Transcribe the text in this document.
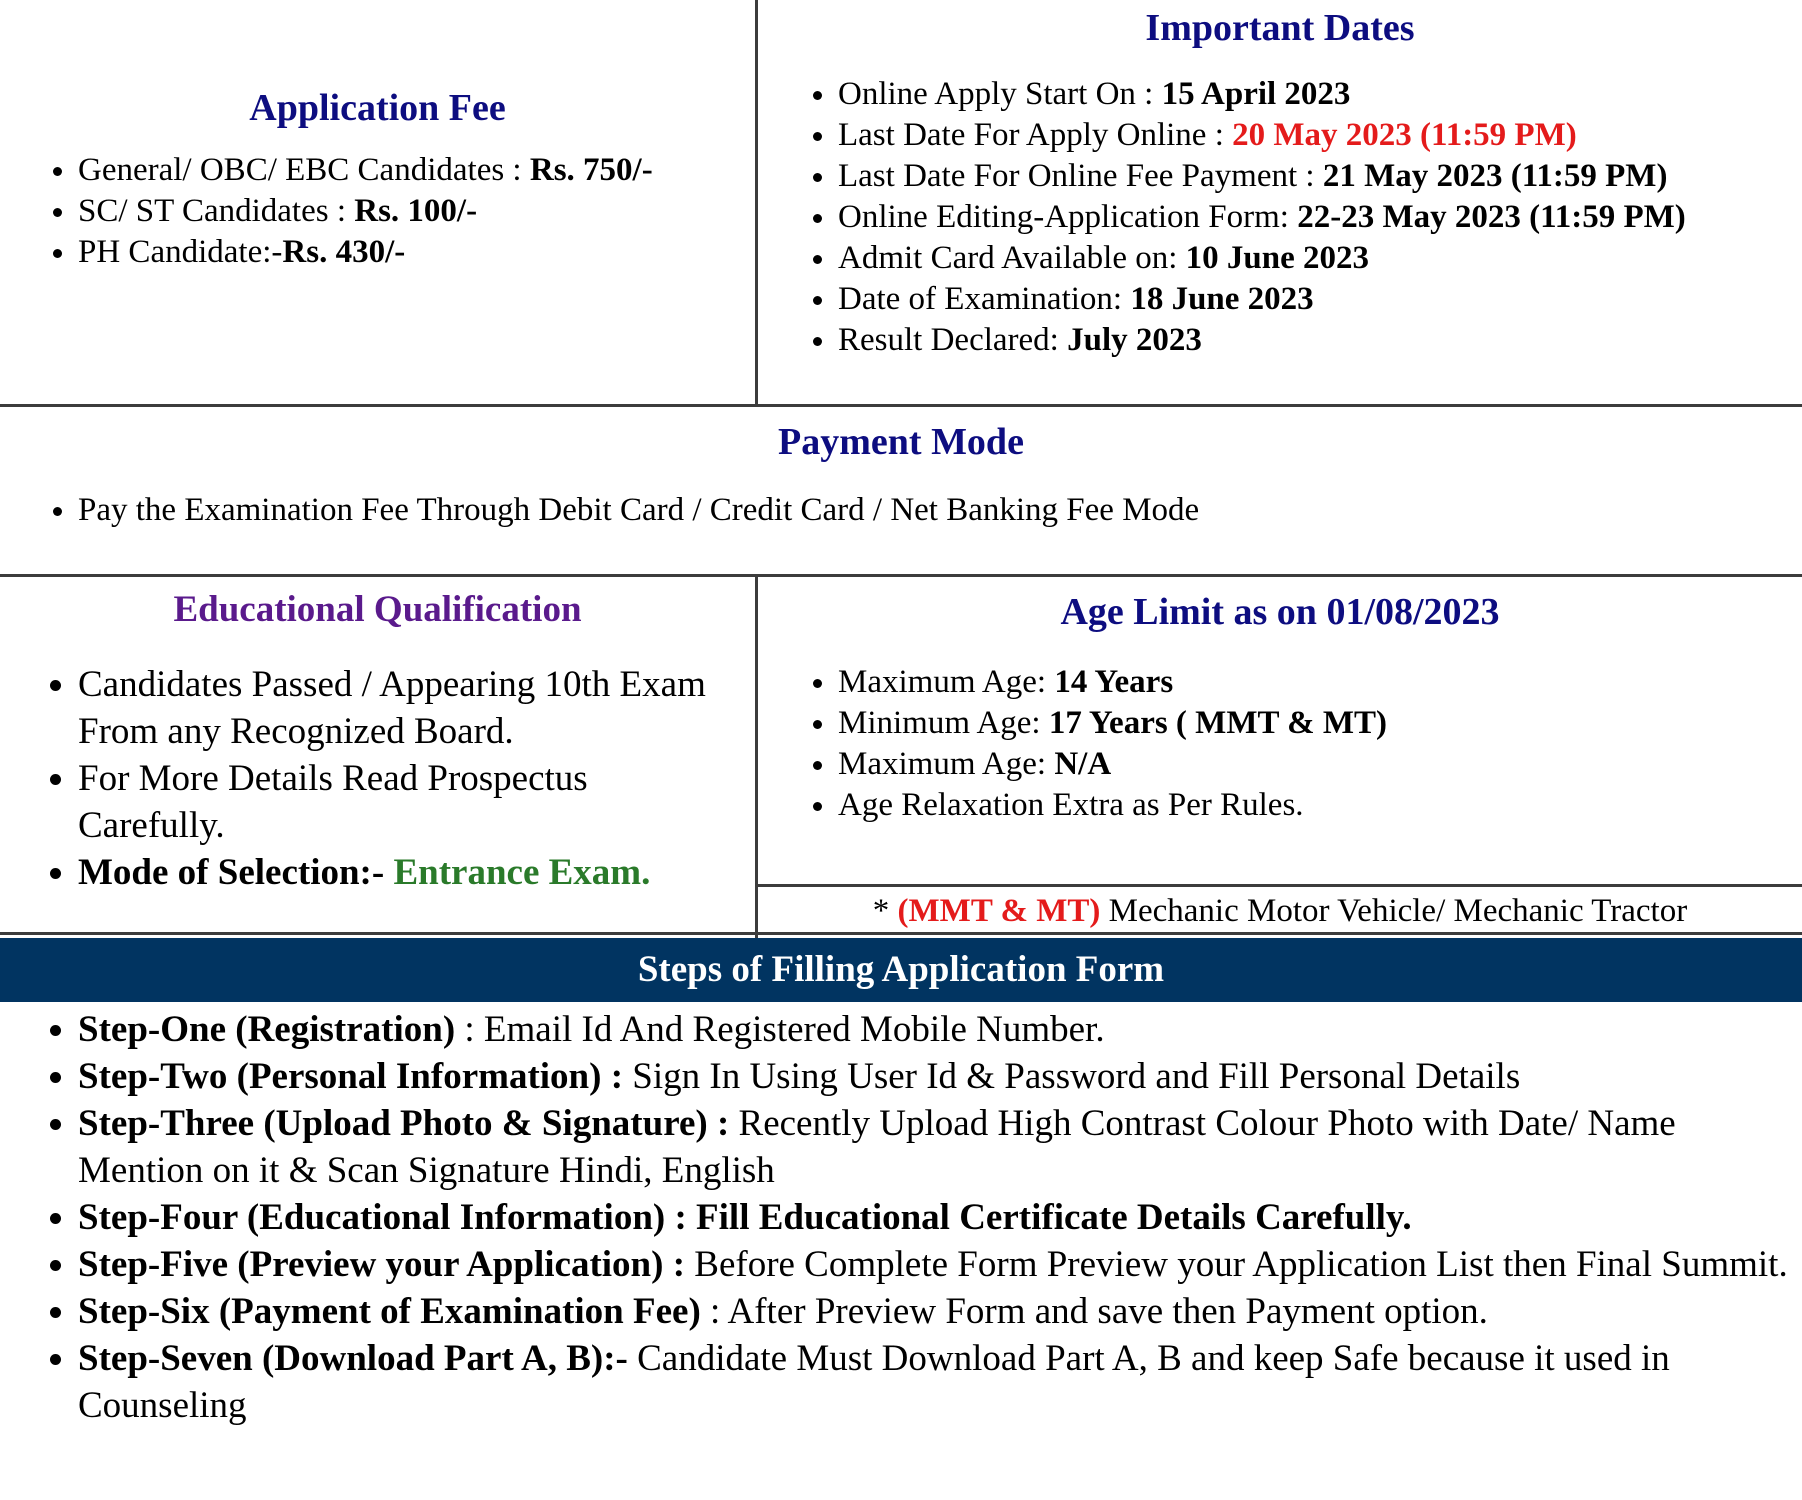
Application Fee
• General/ OBC/ EBC Candidates : Rs. 750/-
• SC/ ST Candidates : Rs. 100/-
• PH Candidate:-Rs. 430/-
Important Dates
• Online Apply Start On : 15 April 2023
• Last Date For Apply Online : 20 May 2023 (11:59 PM)
• Last Date For Online Fee Payment : 21 May 2023 (11:59 PM)
• Online Editing-Application Form: 22-23 May 2023 (11:59 PM)
• Admit Card Available on: 10 June 2023
• Date of Examination: 18 June 2023
• Result Declared: July 2023
Payment Mode
• Pay the Examination Fee Through Debit Card / Credit Card / Net Banking Fee Mode
Educational Qualification
• Candidates Passed / Appearing 10th Exam From any Recognized Board.
• For More Details Read Prospectus Carefully.
• Mode of Selection:- Entrance Exam.
Age Limit as on 01/08/2023
• Maximum Age: 14 Years
• Minimum Age: 17 Years ( MMT & MT)
• Maximum Age: N/A
• Age Relaxation Extra as Per Rules.
* (MMT & MT) Mechanic Motor Vehicle/ Mechanic Tractor
Steps of Filling Application Form
• Step-One (Registration) : Email Id And Registered Mobile Number.
• Step-Two (Personal Information) : Sign In Using User Id & Password and Fill Personal Details
• Step-Three (Upload Photo & Signature) : Recently Upload High Contrast Colour Photo with Date/ Name Mention on it & Scan Signature Hindi, English
• Step-Four (Educational Information) : Fill Educational Certificate Details Carefully.
• Step-Five (Preview your Application) : Before Complete Form Preview your Application List then Final Summit.
• Step-Six (Payment of Examination Fee) : After Preview Form and save then Payment option.
• Step-Seven (Download Part A, B):- Candidate Must Download Part A, B and keep Safe because it used in Counseling
